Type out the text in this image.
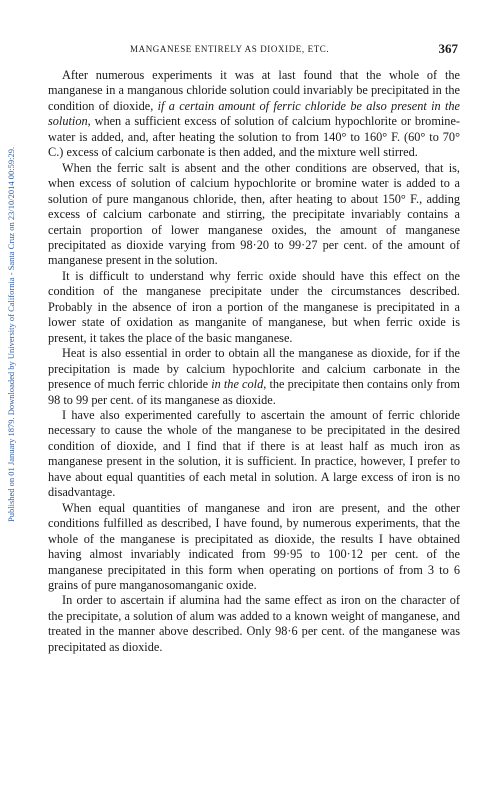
Published on 01 January 1879. Downloaded by University of California - Santa Cruz on 23/10/2014 00:59:29.
MANGANESE ENTIRELY AS DIOXIDE, ETC.	367

After numerous experiments it was at last found that the whole of the manganese in a manganous chloride solution could invariably be precipitated in the condition of dioxide, if a certain amount of ferric chloride be also present in the solution, when a sufficient excess of solution of calcium hypochlorite or bromine-water is added, and, after heating the solution to from 140° to 160° F. (60° to 70° C.) excess of calcium carbonate is then added, and the mixture well stirred.

When the ferric salt is absent and the other conditions are observed, that is, when excess of solution of calcium hypochlorite or bromine water is added to a solution of pure manganous chloride, then, after heating to about 150° F., adding excess of calcium carbonate and stirring, the precipitate invariably contains a certain proportion of lower manganese oxides, the amount of manganese precipitated as dioxide varying from 98·20 to 99·27 per cent. of the amount of manganese present in the solution.

It is difficult to understand why ferric oxide should have this effect on the condition of the manganese precipitate under the circumstances described. Probably in the absence of iron a portion of the manganese is precipitated in a lower state of oxidation as manganite of manganese, but when ferric oxide is present, it takes the place of the basic manganese.

Heat is also essential in order to obtain all the manganese as dioxide, for if the precipitation is made by calcium hypochlorite and calcium carbonate in the presence of much ferric chloride in the cold, the precipitate then contains only from 98 to 99 per cent. of its manganese as dioxide.

I have also experimented carefully to ascertain the amount of ferric chloride necessary to cause the whole of the manganese to be precipitated in the desired condition of dioxide, and I find that if there is at least half as much iron as manganese present in the solution, it is sufficient. In practice, however, I prefer to have about equal quantities of each metal in solution. A large excess of iron is no disadvantage.

When equal quantities of manganese and iron are present, and the other conditions fulfilled as described, I have found, by numerous experiments, that the whole of the manganese is precipitated as dioxide, the results I have obtained having almost invariably indicated from 99·95 to 100·12 per cent. of the manganese precipitated in this form when operating on portions of from 3 to 6 grains of pure manganosomanganic oxide.

In order to ascertain if alumina had the same effect as iron on the character of the precipitate, a solution of alum was added to a known weight of manganese, and treated in the manner above described. Only 98·6 per cent. of the manganese was precipitated as dioxide.
